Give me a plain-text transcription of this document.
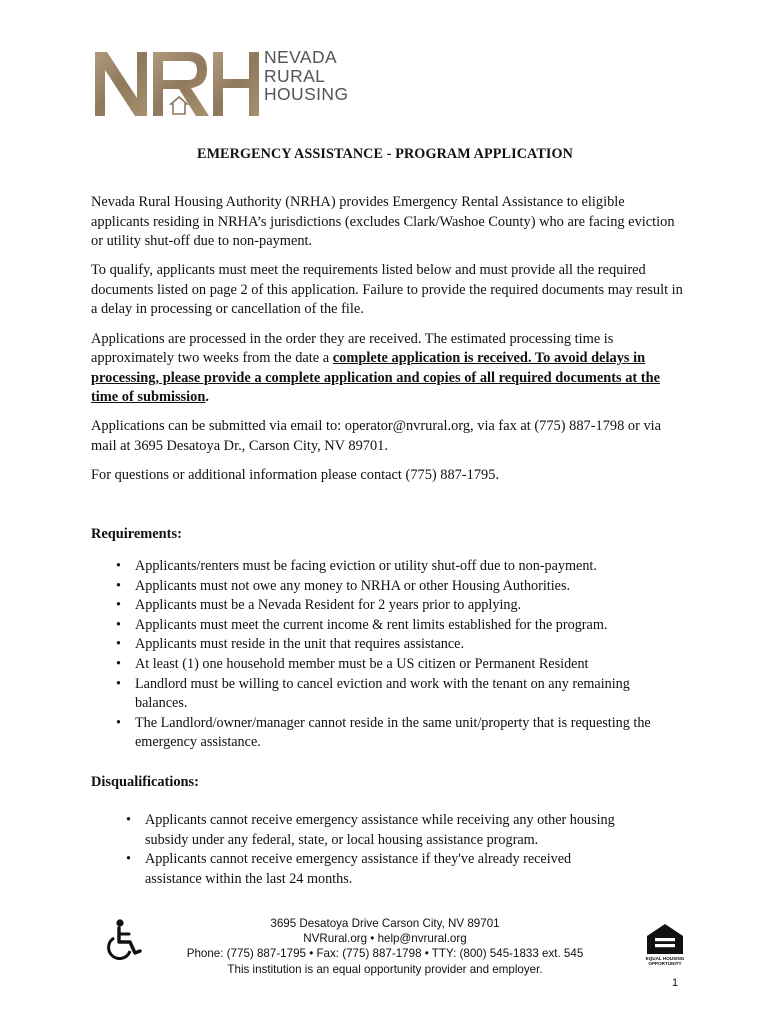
NEVADA
RURAL
HOUSING
EMERGENCY ASSISTANCE - PROGRAM APPLICATION

Nevada Rural Housing Authority (NRHA) provides Emergency Rental Assistance to eligible applicants residing in NRHA’s jurisdictions (excludes Clark/Washoe County) who are facing eviction or utility shut-off due to non-payment.

To qualify, applicants must meet the requirements listed below and must provide all the required documents listed on page 2 of this application. Failure to provide the required documents may result in a delay in processing or cancellation of the file.

Applications are processed in the order they are received. The estimated processing time is approximately two weeks from the date a complete application is received. To avoid delays in processing, please provide a complete application and copies of all required documents at the time of submission.

Applications can be submitted via email to: operator@nvrural.org, via fax at (775) 887-1798 or via mail at 3695 Desatoya Dr., Carson City, NV 89701.

For questions or additional information please contact (775) 887-1795.

Requirements:
• Applicants/renters must be facing eviction or utility shut-off due to non-payment.
• Applicants must not owe any money to NRHA or other Housing Authorities.
• Applicants must be a Nevada Resident for 2 years prior to applying.
• Applicants must meet the current income & rent limits established for the program.
• Applicants must reside in the unit that requires assistance.
• At least (1) one household member must be a US citizen or Permanent Resident
• Landlord must be willing to cancel eviction and work with the tenant on any remaining balances.
• The Landlord/owner/manager cannot reside in the same unit/property that is requesting the emergency assistance.
Disqualifications:
• Applicants cannot receive emergency assistance while receiving any other housing subsidy under any federal, state, or local housing assistance program.
• Applicants cannot receive emergency assistance if they've already received assistance within the last 24 months.
3695 Desatoya Drive Carson City, NV 89701
NVRural.org • help@nvrural.org
Phone: (775) 887-1795 • Fax: (775) 887-1798 • TTY: (800) 545-1833 ext. 545
This institution is an equal opportunity provider and employer.
EQUAL HOUSING
OPPORTUNITY
1
